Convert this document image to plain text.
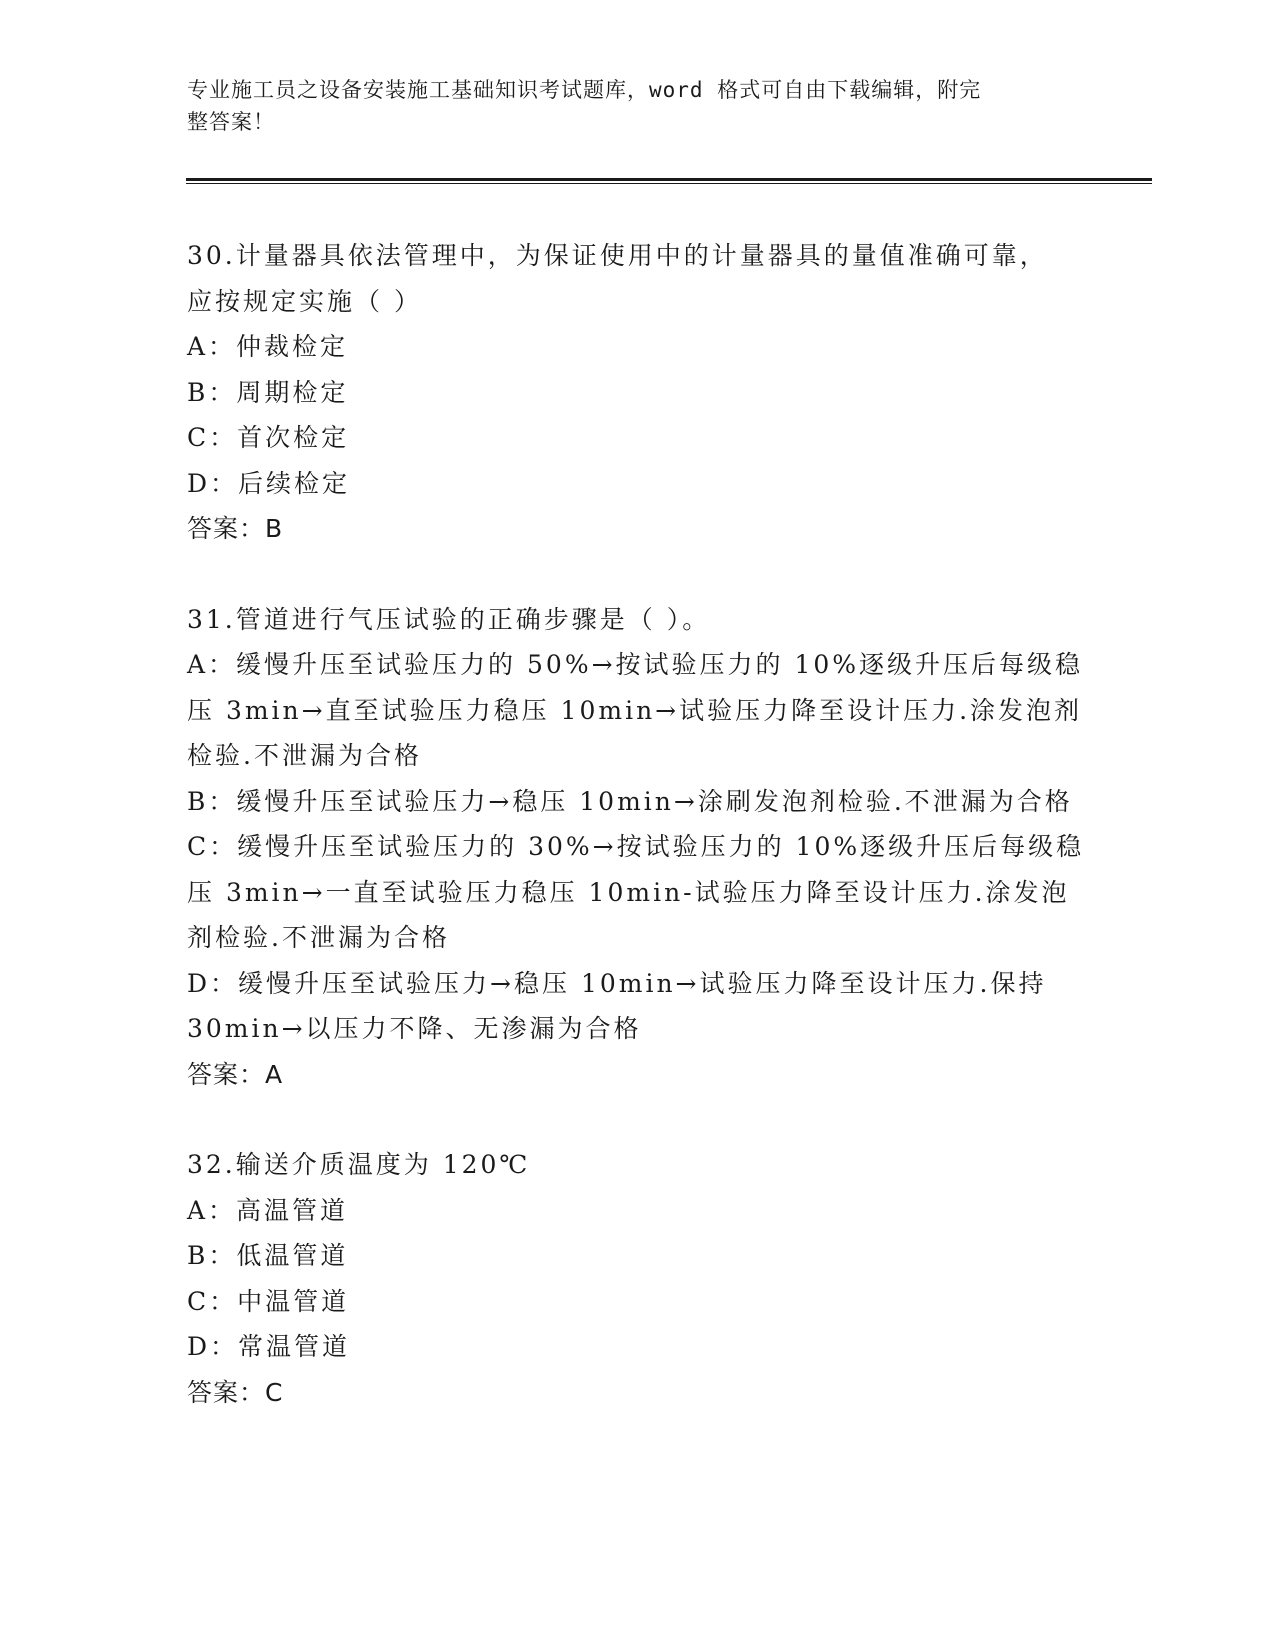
专业施工员之设备安装施工基础知识考试题库，word 格式可自由下载编辑，附完
整答案！
30.计量器具依法管理中，为保证使用中的计量器具的量值准确可靠，
应按规定实施（ ）
A：仲裁检定
B：周期检定
C：首次检定
D：后续检定
答案：B
31.管道进行气压试验的正确步骤是（ ）。
A：缓慢升压至试验压力的 50%→按试验压力的 10%逐级升压后每级稳
压 3min→直至试验压力稳压 10min→试验压力降至设计压力.涂发泡剂
检验.不泄漏为合格
B：缓慢升压至试验压力→稳压 10min→涂刷发泡剂检验.不泄漏为合格
C：缓慢升压至试验压力的 30%→按试验压力的 10%逐级升压后每级稳
压 3min→一直至试验压力稳压 10min-试验压力降至设计压力.涂发泡
剂检验.不泄漏为合格
D：缓慢升压至试验压力→稳压 10min→试验压力降至设计压力.保持
30min→以压力不降、无渗漏为合格
答案：A
32.输送介质温度为 120℃
A：高温管道
B：低温管道
C：中温管道
D：常温管道
答案：C
